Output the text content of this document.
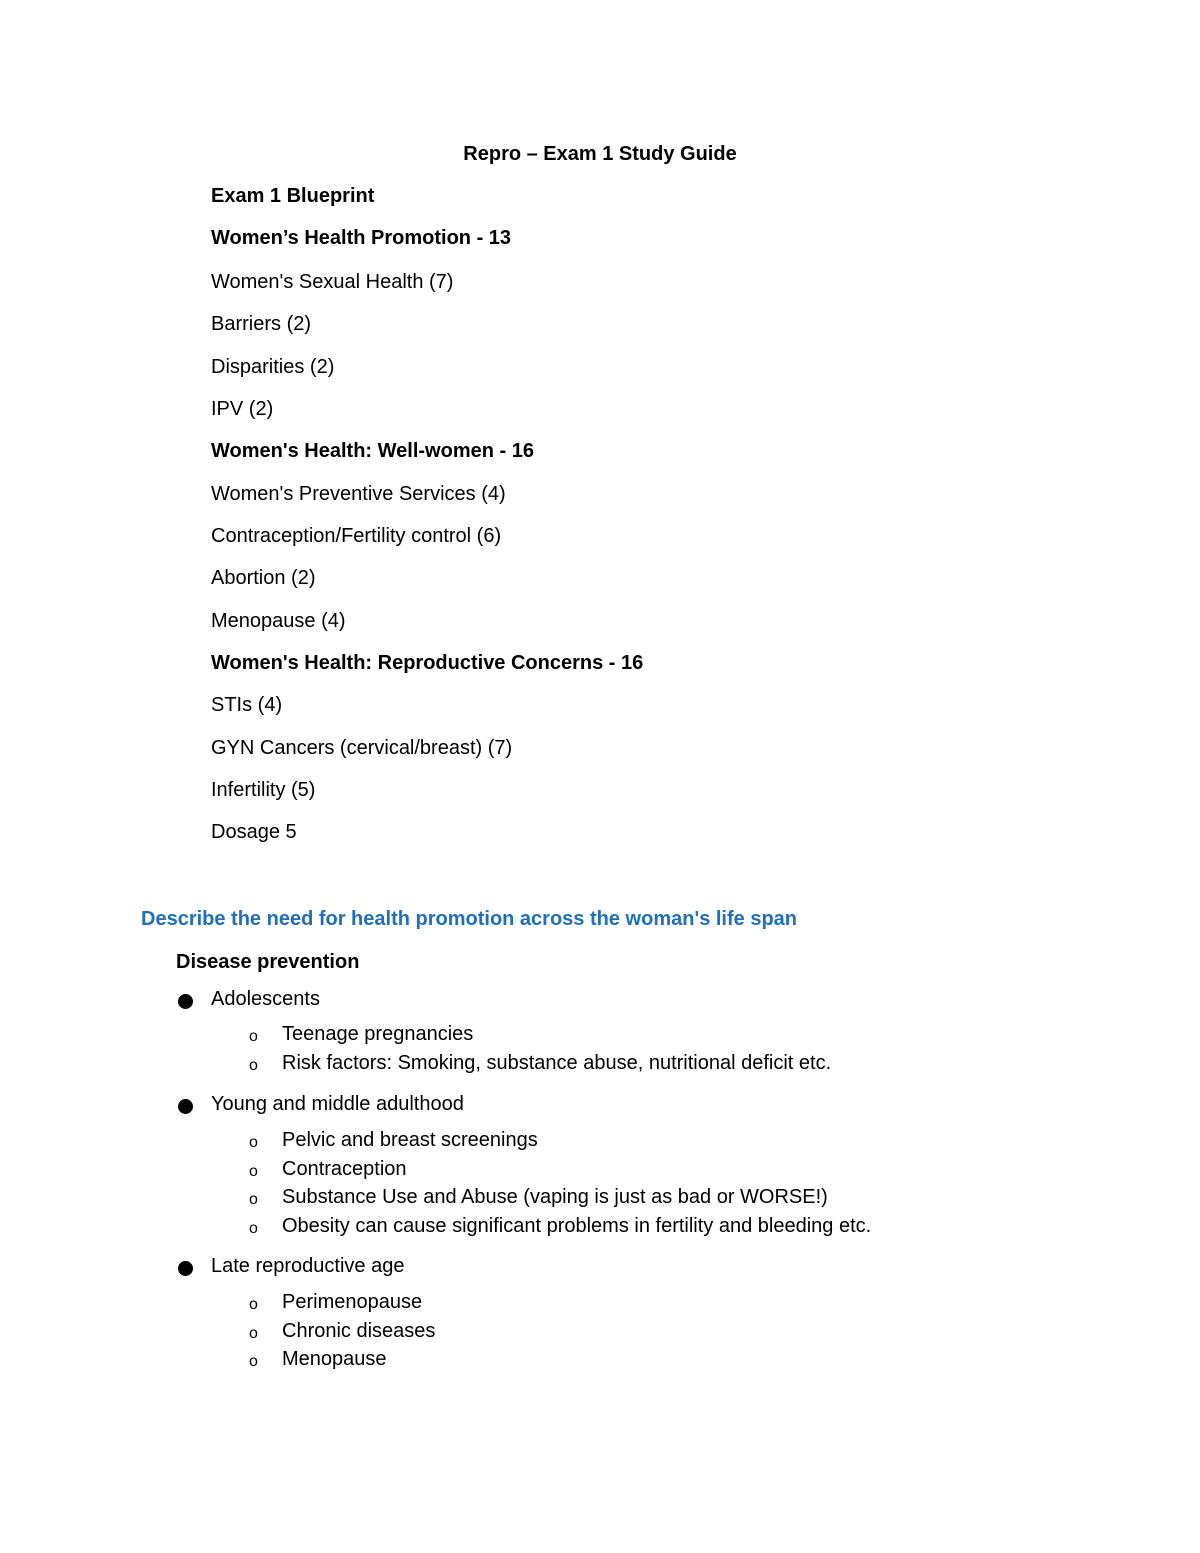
Repro – Exam 1 Study Guide
Exam 1 Blueprint
Women’s Health Promotion - 13
Women's Sexual Health (7)
Barriers (2)
Disparities (2)
IPV (2)
Women's Health: Well-women - 16
Women's Preventive Services (4)
Contraception/Fertility control (6)
Abortion (2)
Menopause (4)
Women's Health: Reproductive Concerns - 16
STIs (4)
GYN Cancers (cervical/breast) (7)
Infertility (5)
Dosage 5
Describe the need for health promotion across the woman's life span
Disease prevention
Adolescents
o Teenage pregnancies
o Risk factors: Smoking, substance abuse, nutritional deficit etc.
Young and middle adulthood
o Pelvic and breast screenings
o Contraception
o Substance Use and Abuse (vaping is just as bad or WORSE!)
o Obesity can cause significant problems in fertility and bleeding etc.
Late reproductive age
o Perimenopause
o Chronic diseases
o Menopause
